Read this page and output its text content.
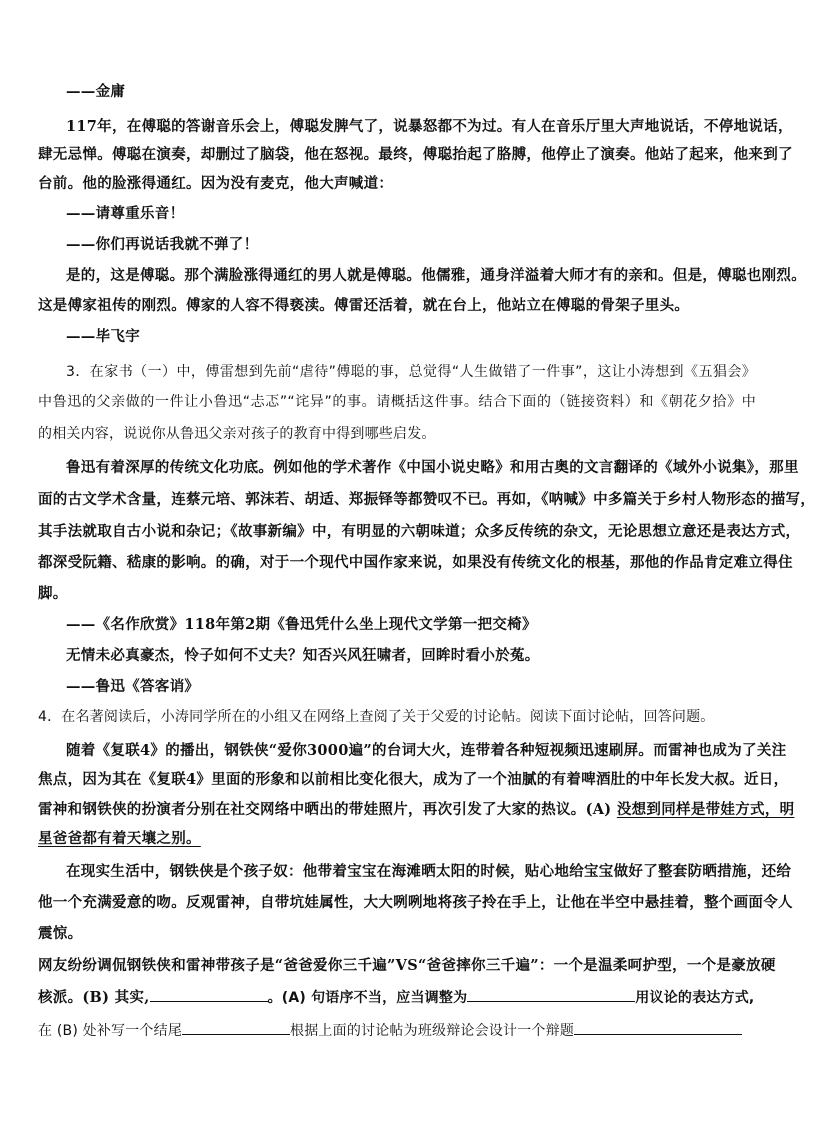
——金庸
117年，在傅聪的答谢音乐会上，傅聪发脾气了，说暴怒都不为过。有人在音乐厅里大声地说话，不停地说话，
肆无忌惮。傅聪在演奏，却删过了脑袋，他在怒视。最终，傅聪抬起了胳膊，他停止了演奏。他站了起来，他来到了
台前。他的脸涨得通红。因为没有麦克，他大声喊道：
——请尊重乐音！
——你们再说话我就不弹了！
是的，这是傅聪。那个满脸涨得通红的男人就是傅聪。他儒雅，通身洋溢着大师才有的亲和。但是，傅聪也刚烈。
这是傅家祖传的刚烈。傅家的人容不得亵渎。傅雷还活着，就在台上，他站立在傅聪的骨架子里头。
——毕飞宇
3．在家书（一）中，傅雷想到先前“虐待”傅聪的事，总觉得“人生做错了一件事”，这让小涛想到《五猖会》
中鲁迅的父亲做的一件让小鲁迅“忐忑”“诧异”的事。请概括这件事。结合下面的（链接资料）和《朝花夕拾》中
的相关内容，说说你从鲁迅父亲对孩子的教育中得到哪些启发。
鲁迅有着深厚的传统文化功底。例如他的学术著作《中国小说史略》和用古奥的文言翻译的《域外小说集》，那里
面的古文学术含量，连蔡元培、郭沫若、胡适、郑振铎等都赞叹不已。再如，《呐喊》中多篇关于乡村人物形态的描写，
其手法就取自古小说和杂记；《故事新编》中，有明显的六朝味道；众多反传统的杂文，无论思想立意还是表达方式，
都深受阮籍、嵇康的影响。的确，对于一个现代中国作家来说，如果没有传统文化的根基，那他的作品肯定难立得住
脚。
——《名作欣赏》118年第2期《鲁迅凭什么坐上现代文学第一把交椅》
无情未必真豪杰，怜子如何不丈夫？知否兴风狂啸者，回眸时看小於菟。
——鲁迅《答客诮》
4．在名著阅读后，小涛同学所在的小组又在网络上查阅了关于父爱的讨论帖。阅读下面讨论帖，回答问题。
随着《复联4》的播出，钢铁侠“爱你3000遍”的台词大火，连带着各种短视频迅速刷屏。而雷神也成为了关注
焦点，因为其在《复联4》里面的形象和以前相比变化很大，成为了一个油腻的有着啤酒肚的中年长发大叔。近日，
雷神和钢铁侠的扮演者分别在社交网络中晒出的带娃照片，再次引发了大家的热议。(A) 没想到同样是带娃方式，明
星爸爸都有着天壤之别。
在现实生活中，钢铁侠是个孩子奴：他带着宝宝在海滩晒太阳的时候，贴心地给宝宝做好了整套防晒措施，还给
他一个充满爱意的吻。反观雷神，自带坑娃属性，大大咧咧地将孩子拎在手上，让他在半空中悬挂着，整个画面令人
震惊。
网友纷纷调侃钢铁侠和雷神带孩子是“爸爸爱你三千遍”VS“爸爸摔你三千遍”：一个是温柔呵护型，一个是豪放硬
核派。(B) 其实,	。(A) 句语序不当，应当调整为	用议论的表达方式,
在 (B) 处补写一个结尾	根据上面的讨论帖为班级辩论会设计一个辩题
